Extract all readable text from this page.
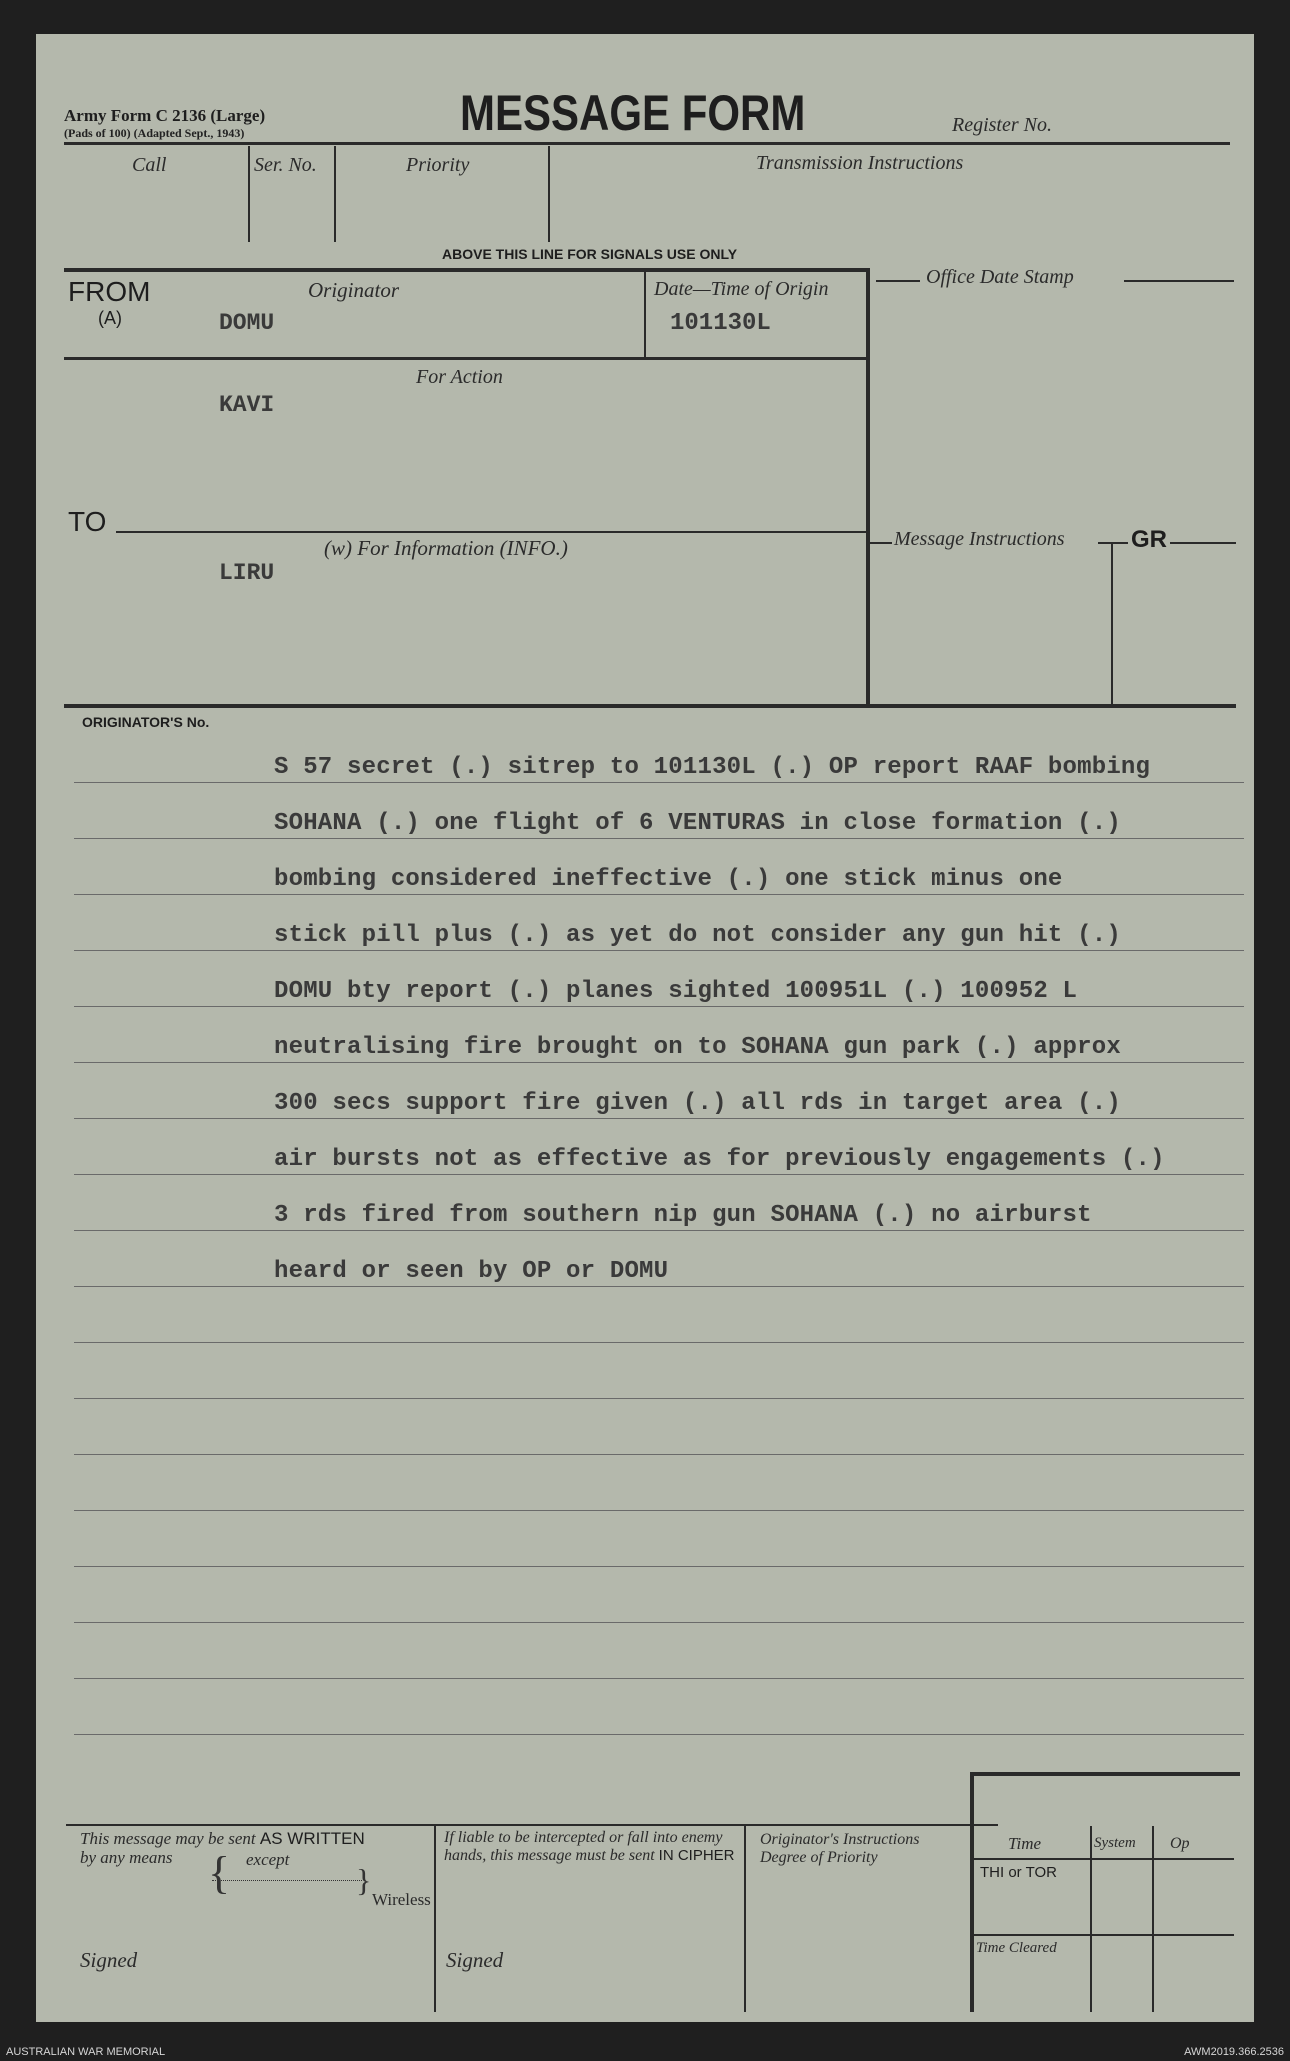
Army Form C 2136 (Large)
(Pads of 100) (Adapted Sept., 1943)	MESSAGE FORM	Register No.
Call	Ser. No.	Priority	Transmission Instructions
ABOVE THIS LINE FOR SIGNALS USE ONLY
FROM
(A)
Originator
DOMU
Date—Time of Origin
101130L
For Action
KAVI
TO
(w) For Information (INFO.)
LIRU
Office Date Stamp
Message Instructions	GR
ORIGINATOR'S No.
S 57 secret (.) sitrep to 101130L (.) OP report RAAF bombing
SOHANA (.) one flight of 6 VENTURAS in close formation (.)
bombing considered ineffective (.) one stick minus one
stick pill plus (.) as yet do not consider any gun hit (.)
DOMU bty report (.) planes sighted 100951L (.) 100952 L
neutralising fire brought on to SOHANA gun park (.) approx
300 secs support fire given (.) all rds in target area (.)
air bursts not as effective as for previously engagements (.)
3 rds fired from southern nip gun SOHANA (.) no airburst
heard or seen by OP or DOMU
This message may be sent AS WRITTEN
by any means	except
{	}
Wireless
Signed
If liable to be intercepted or fall into enemy hands, this message must be sent IN CIPHER
Signed
Originator's Instructions
Degree of Priority
Time	System Op
THI or TOR
Time Cleared
AUSTRALIAN WAR MEMORIAL	AWM2019.366.2536
